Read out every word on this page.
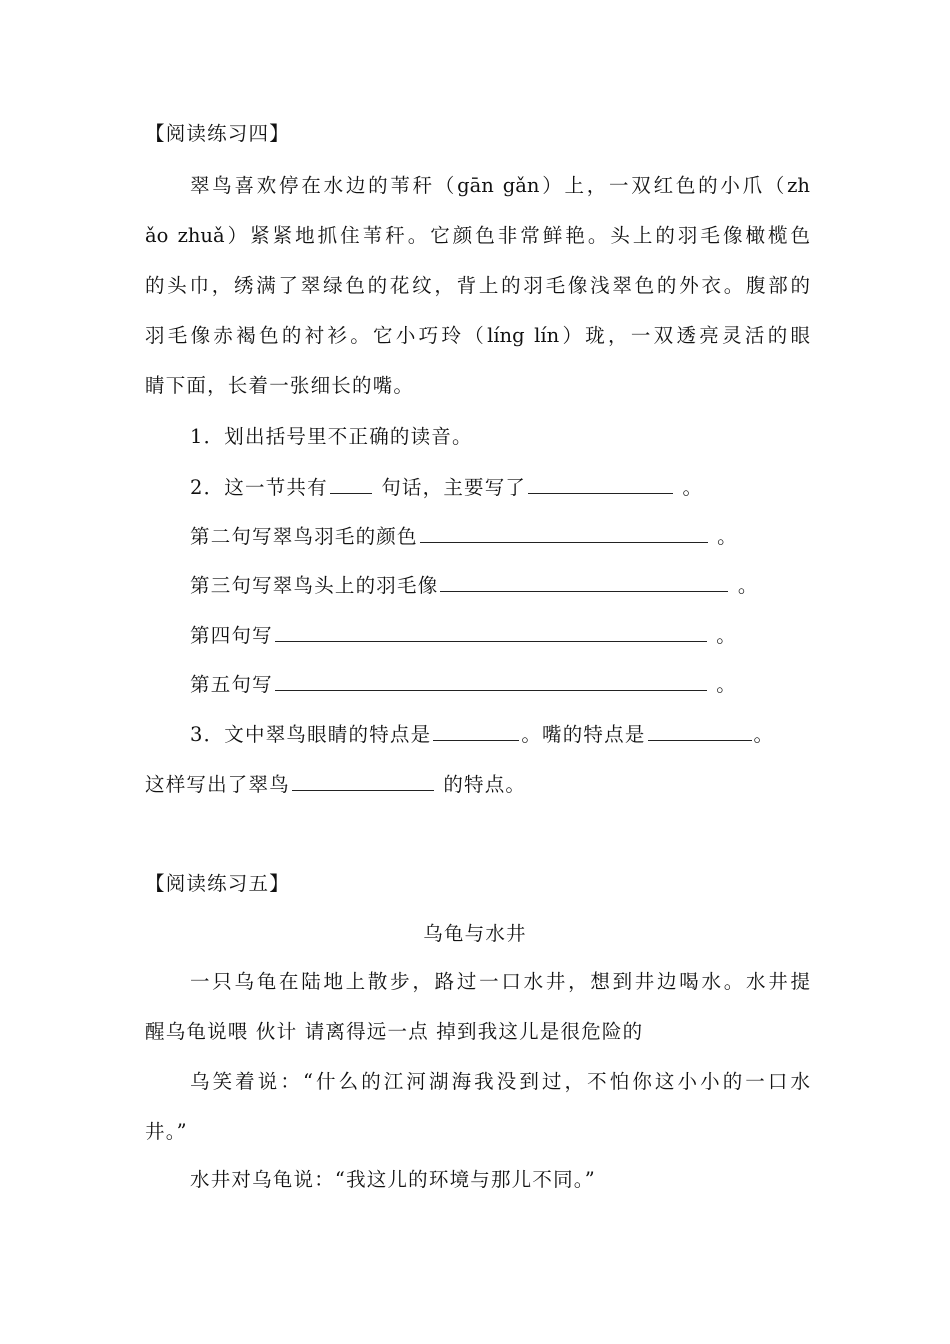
【阅读练习四】
翠鸟喜欢停在水边的苇秆（gān gǎn）上，一双红色的小爪（zh
ǎo zhuǎ）紧紧地抓住苇秆。它颜色非常鲜艳。头上的羽毛像橄榄色
的头巾，绣满了翠绿色的花纹，背上的羽毛像浅翠色的外衣。腹部的
羽毛像赤褐色的衬衫。它小巧玲（líng lín）珑，一双透亮灵活的眼
睛下面，长着一张细长的嘴。
1．划出括号里不正确的读音。
2．这一节共有	句话，主要写了	。
第二句写翠鸟羽毛的颜色	。
第三句写翠鸟头上的羽毛像	。
第四句写	。
第五句写	。
3．文中翠鸟眼睛的特点是	。嘴的特点是	。
这样写出了翠鸟	的特点。
【阅读练习五】
乌龟与水井
一只乌龟在陆地上散步，路过一口水井，想到井边喝水。水井提
醒乌龟说喂 伙计 请离得远一点 掉到我这儿是很危险的
乌笑着说：“什么的江河湖海我没到过，不怕你这小小的一口水
井。”
水井对乌龟说：“我这儿的环境与那儿不同。”
